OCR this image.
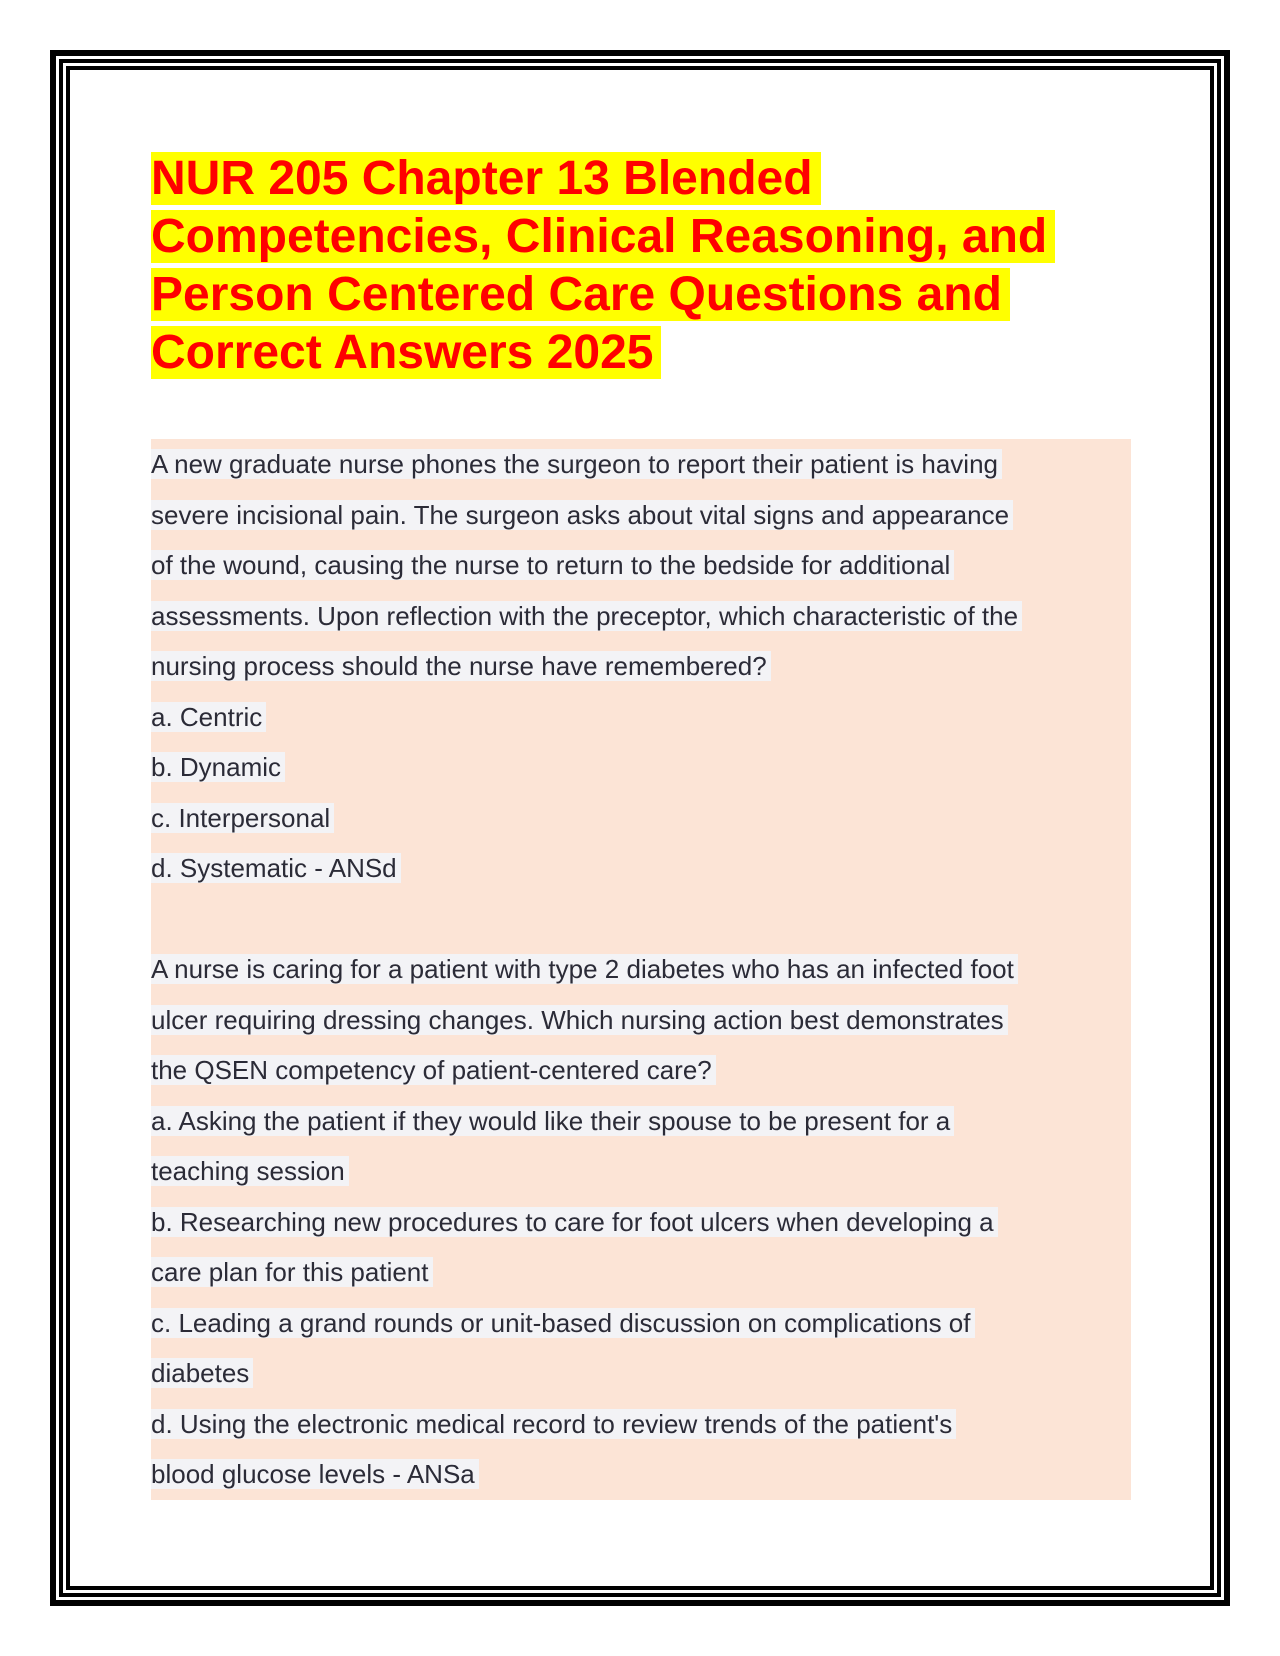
NUR 205 Chapter 13 Blended
Competencies, Clinical Reasoning, and
Person Centered Care Questions and
Correct Answers 2025
A new graduate nurse phones the surgeon to report their patient is having
severe incisional pain. The surgeon asks about vital signs and appearance
of the wound, causing the nurse to return to the bedside for additional
assessments. Upon reflection with the preceptor, which characteristic of the
nursing process should the nurse have remembered?
a. Centric
b. Dynamic
c. Interpersonal
d. Systematic - ANSd
A nurse is caring for a patient with type 2 diabetes who has an infected foot
ulcer requiring dressing changes. Which nursing action best demonstrates
the QSEN competency of patient-centered care?
a. Asking the patient if they would like their spouse to be present for a
teaching session
b. Researching new procedures to care for foot ulcers when developing a
care plan for this patient
c. Leading a grand rounds or unit-based discussion on complications of
diabetes
d. Using the electronic medical record to review trends of the patient's
blood glucose levels - ANSa
